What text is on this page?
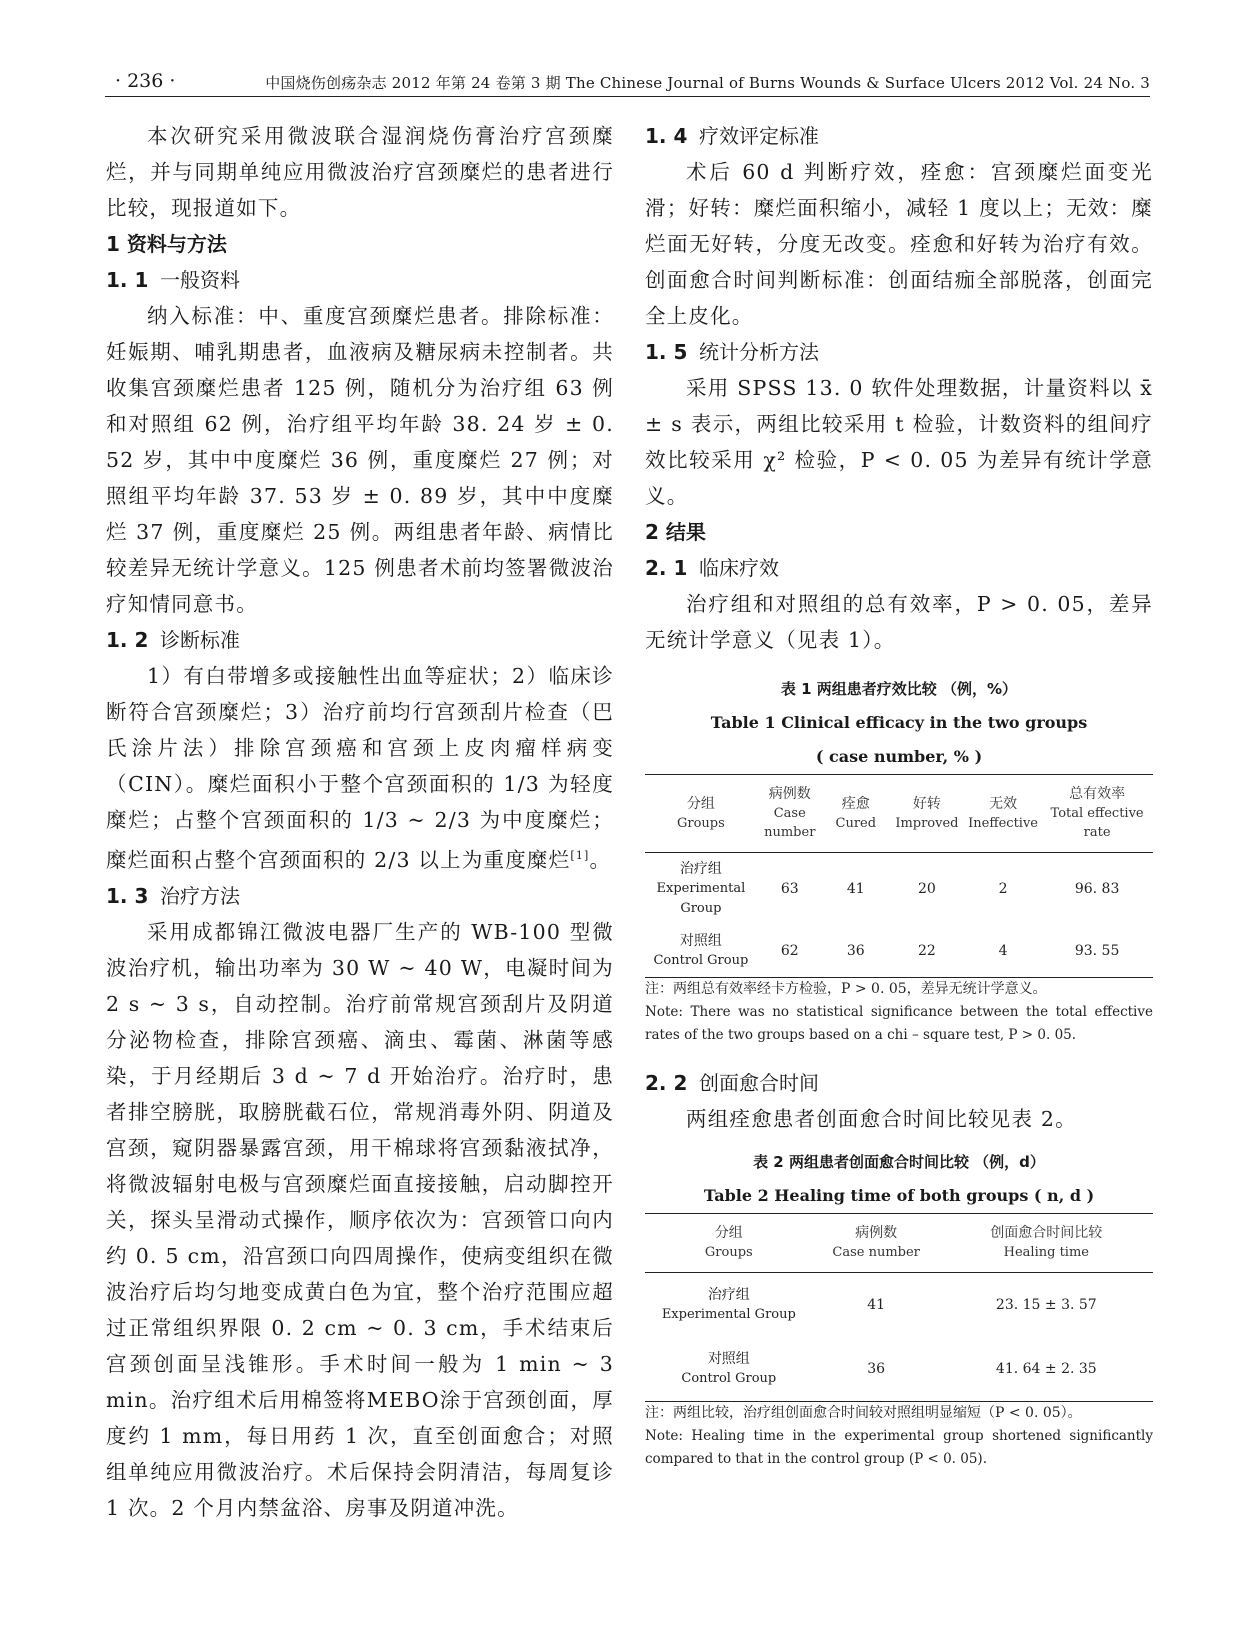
· 236 ·	中国烧伤创疡杂志 2012 年第 24 卷第 3 期 The Chinese Journal of Burns Wounds & Surface Ulcers 2012 Vol. 24 No. 3

本次研究采用微波联合湿润烧伤膏治疗宫颈糜烂，并与同期单纯应用微波治疗宫颈糜烂的患者进行比较，现报道如下。

1 资料与方法

1. 1 一般资料

纳入标准：中、重度宫颈糜烂患者。排除标准：妊娠期、哺乳期患者，血液病及糖尿病未控制者。共收集宫颈糜烂患者 125 例，随机分为治疗组 63 例和对照组 62 例，治疗组平均年龄 38. 24 岁 ± 0. 52 岁，其中中度糜烂 36 例，重度糜烂 27 例；对照组平均年龄 37. 53 岁 ± 0. 89 岁，其中中度糜烂 37 例，重度糜烂 25 例。两组患者年龄、病情比较差异无统计学意义。125 例患者术前均签署微波治疗知情同意书。

1. 2 诊断标准

1）有白带增多或接触性出血等症状；2）临床诊断符合宫颈糜烂；3）治疗前均行宫颈刮片检查（巴氏涂片法）排除宫颈癌和宫颈上皮肉瘤样病变（CIN）。糜烂面积小于整个宫颈面积的 1/3 为轻度糜烂；占整个宫颈面积的 1/3 ~ 2/3 为中度糜烂；糜烂面积占整个宫颈面积的 2/3 以上为重度糜烂[1]。

1. 3 治疗方法

采用成都锦江微波电器厂生产的 WB-100 型微波治疗机，输出功率为 30 W ~ 40 W，电凝时间为 2 s ~ 3 s，自动控制。治疗前常规宫颈刮片及阴道分泌物检查，排除宫颈癌、滴虫、霉菌、淋菌等感染，于月经期后 3 d ~ 7 d 开始治疗。治疗时，患者排空膀胱，取膀胱截石位，常规消毒外阴、阴道及宫颈，窥阴器暴露宫颈，用干棉球将宫颈黏液拭净，将微波辐射电极与宫颈糜烂面直接接触，启动脚控开关，探头呈滑动式操作，顺序依次为：宫颈管口向内约 0. 5 cm，沿宫颈口向四周操作，使病变组织在微波治疗后均匀地变成黄白色为宜，整个治疗范围应超过正常组织界限 0. 2 cm ~ 0. 3 cm，手术结束后宫颈创面呈浅锥形。手术时间一般为 1 min ~ 3 min。治疗组术后用棉签将MEBO涂于宫颈创面，厚度约 1 mm，每日用药 1 次，直至创面愈合；对照组单纯应用微波治疗。术后保持会阴清洁，每周复诊 1 次。2 个月内禁盆浴、房事及阴道冲洗。

1. 4 疗效评定标准

术后 60 d 判断疗效，痊愈：宫颈糜烂面变光滑；好转：糜烂面积缩小，减轻 1 度以上；无效：糜烂面无好转，分度无改变。痊愈和好转为治疗有效。创面愈合时间判断标准：创面结痂全部脱落，创面完全上皮化。

1. 5 统计分析方法

采用 SPSS 13. 0 软件处理数据，计量资料以 x̄ ± s 表示，两组比较采用 t 检验，计数资料的组间疗效比较采用 χ² 检验，P < 0. 05 为差异有统计学意义。

2 结果

2. 1 临床疗效

治疗组和对照组的总有效率，P > 0. 05，差异无统计学意义（见表 1）。

表 1 两组患者疗效比较 （例，%）

Table 1 Clinical efficacy in the two groups

( case number, % )

分组
Groups	病例数
Case number	痊愈
Cured	好转
Improved	无效
Ineffective	总有效率
Total effective rate

治疗组
Experimental Group	63	41	20	2	96. 83

对照组
Control Group	62	36	22	4	93. 55

注：两组总有效率经卡方检验，P > 0. 05，差异无统计学意义。

Note: There was no statistical significance between the total effective rates of the two groups based on a chi – square test, P > 0. 05.

2. 2 创面愈合时间

两组痊愈患者创面愈合时间比较见表 2。

表 2 两组患者创面愈合时间比较 （例，d）

Table 2 Healing time of both groups ( n, d )

分组
Groups	病例数
Case number	创面愈合时间比较
Healing time

治疗组
Experimental Group	41	23. 15 ± 3. 57

对照组
Control Group	36	41. 64 ± 2. 35

注：两组比较，治疗组创面愈合时间较对照组明显缩短（P < 0. 05）。

Note: Healing time in the experimental group shortened significantly compared to that in the control group (P < 0. 05).
